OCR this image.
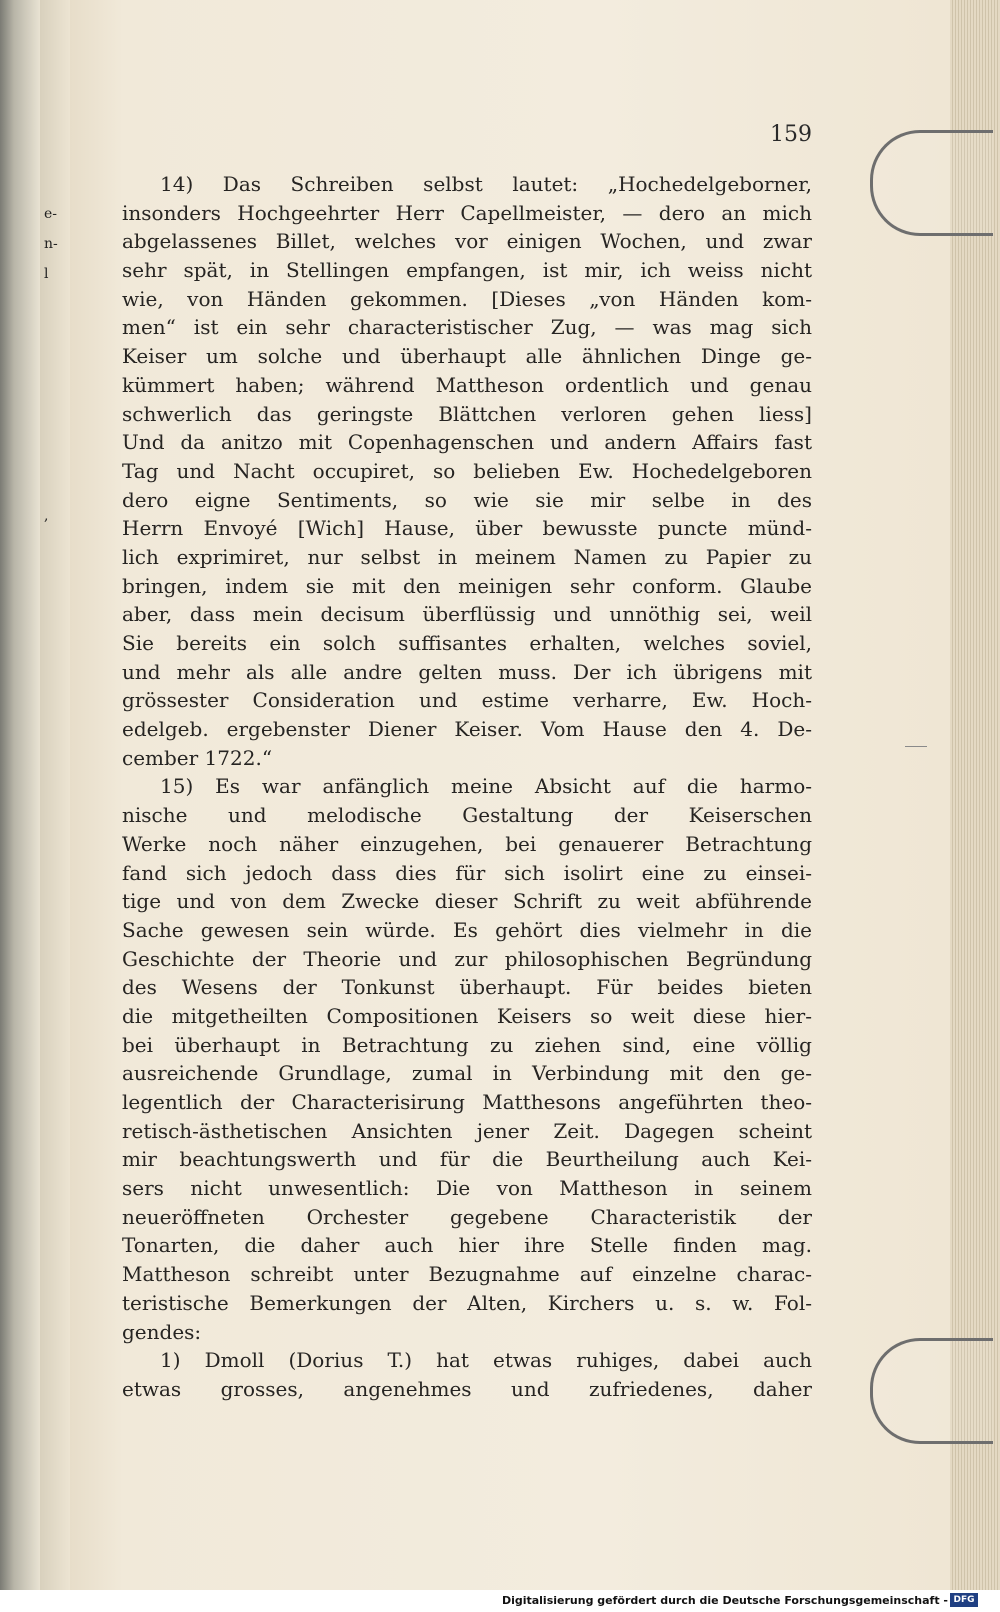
e-
n-
l
,
159
14) Das Schreiben selbst lautet: „Hochedelgeborner,
insonders Hochgeehrter Herr Capellmeister, — dero an mich
abgelassenes Billet, welches vor einigen Wochen, und zwar
sehr spät, in Stellingen empfangen, ist mir, ich weiss nicht
wie, von Händen gekommen. [Dieses „von Händen kom-
men“ ist ein sehr characteristischer Zug, — was mag sich
Keiser um solche und überhaupt alle ähnlichen Dinge ge-
kümmert haben; während Mattheson ordentlich und genau
schwerlich das geringste Blättchen verloren gehen liess]
Und da anitzo mit Copenhagenschen und andern Affairs fast
Tag und Nacht occupiret, so belieben Ew. Hochedelgeboren
dero eigne Sentiments, so wie sie mir selbe in des
Herrn Envoyé [Wich] Hause, über bewusste puncte münd-
lich exprimiret, nur selbst in meinem Namen zu Papier zu
bringen, indem sie mit den meinigen sehr conform. Glaube
aber, dass mein decisum überflüssig und unnöthig sei, weil
Sie bereits ein solch suffisantes erhalten, welches soviel,
und mehr als alle andre gelten muss. Der ich übrigens mit
grössester Consideration und estime verharre, Ew. Hoch-
edelgeb. ergebenster Diener Keiser. Vom Hause den 4. De-
cember 1722.“
15) Es war anfänglich meine Absicht auf die harmo-
nische und melodische Gestaltung der Keiserschen
Werke noch näher einzugehen, bei genauerer Betrachtung
fand sich jedoch dass dies für sich isolirt eine zu einsei-
tige und von dem Zwecke dieser Schrift zu weit abführende
Sache gewesen sein würde. Es gehört dies vielmehr in die
Geschichte der Theorie und zur philosophischen Begründung
des Wesens der Tonkunst überhaupt. Für beides bieten
die mitgetheilten Compositionen Keisers so weit diese hier-
bei überhaupt in Betrachtung zu ziehen sind, eine völlig
ausreichende Grundlage, zumal in Verbindung mit den ge-
legentlich der Characterisirung Matthesons angeführten theo-
retisch-ästhetischen Ansichten jener Zeit. Dagegen scheint
mir beachtungswerth und für die Beurtheilung auch Kei-
sers nicht unwesentlich: Die von Mattheson in seinem
neueröffneten Orchester gegebene Characteristik der
Tonarten, die daher auch hier ihre Stelle finden mag.
Mattheson schreibt unter Bezugnahme auf einzelne charac-
teristische Bemerkungen der Alten, Kirchers u. s. w. Fol-
gendes:
1) Dmoll (Dorius T.) hat etwas ruhiges, dabei auch
etwas grosses, angenehmes und zufriedenes, daher
Digitalisierung gefördert durch die Deutsche Forschungsgemeinschaft - DFG
